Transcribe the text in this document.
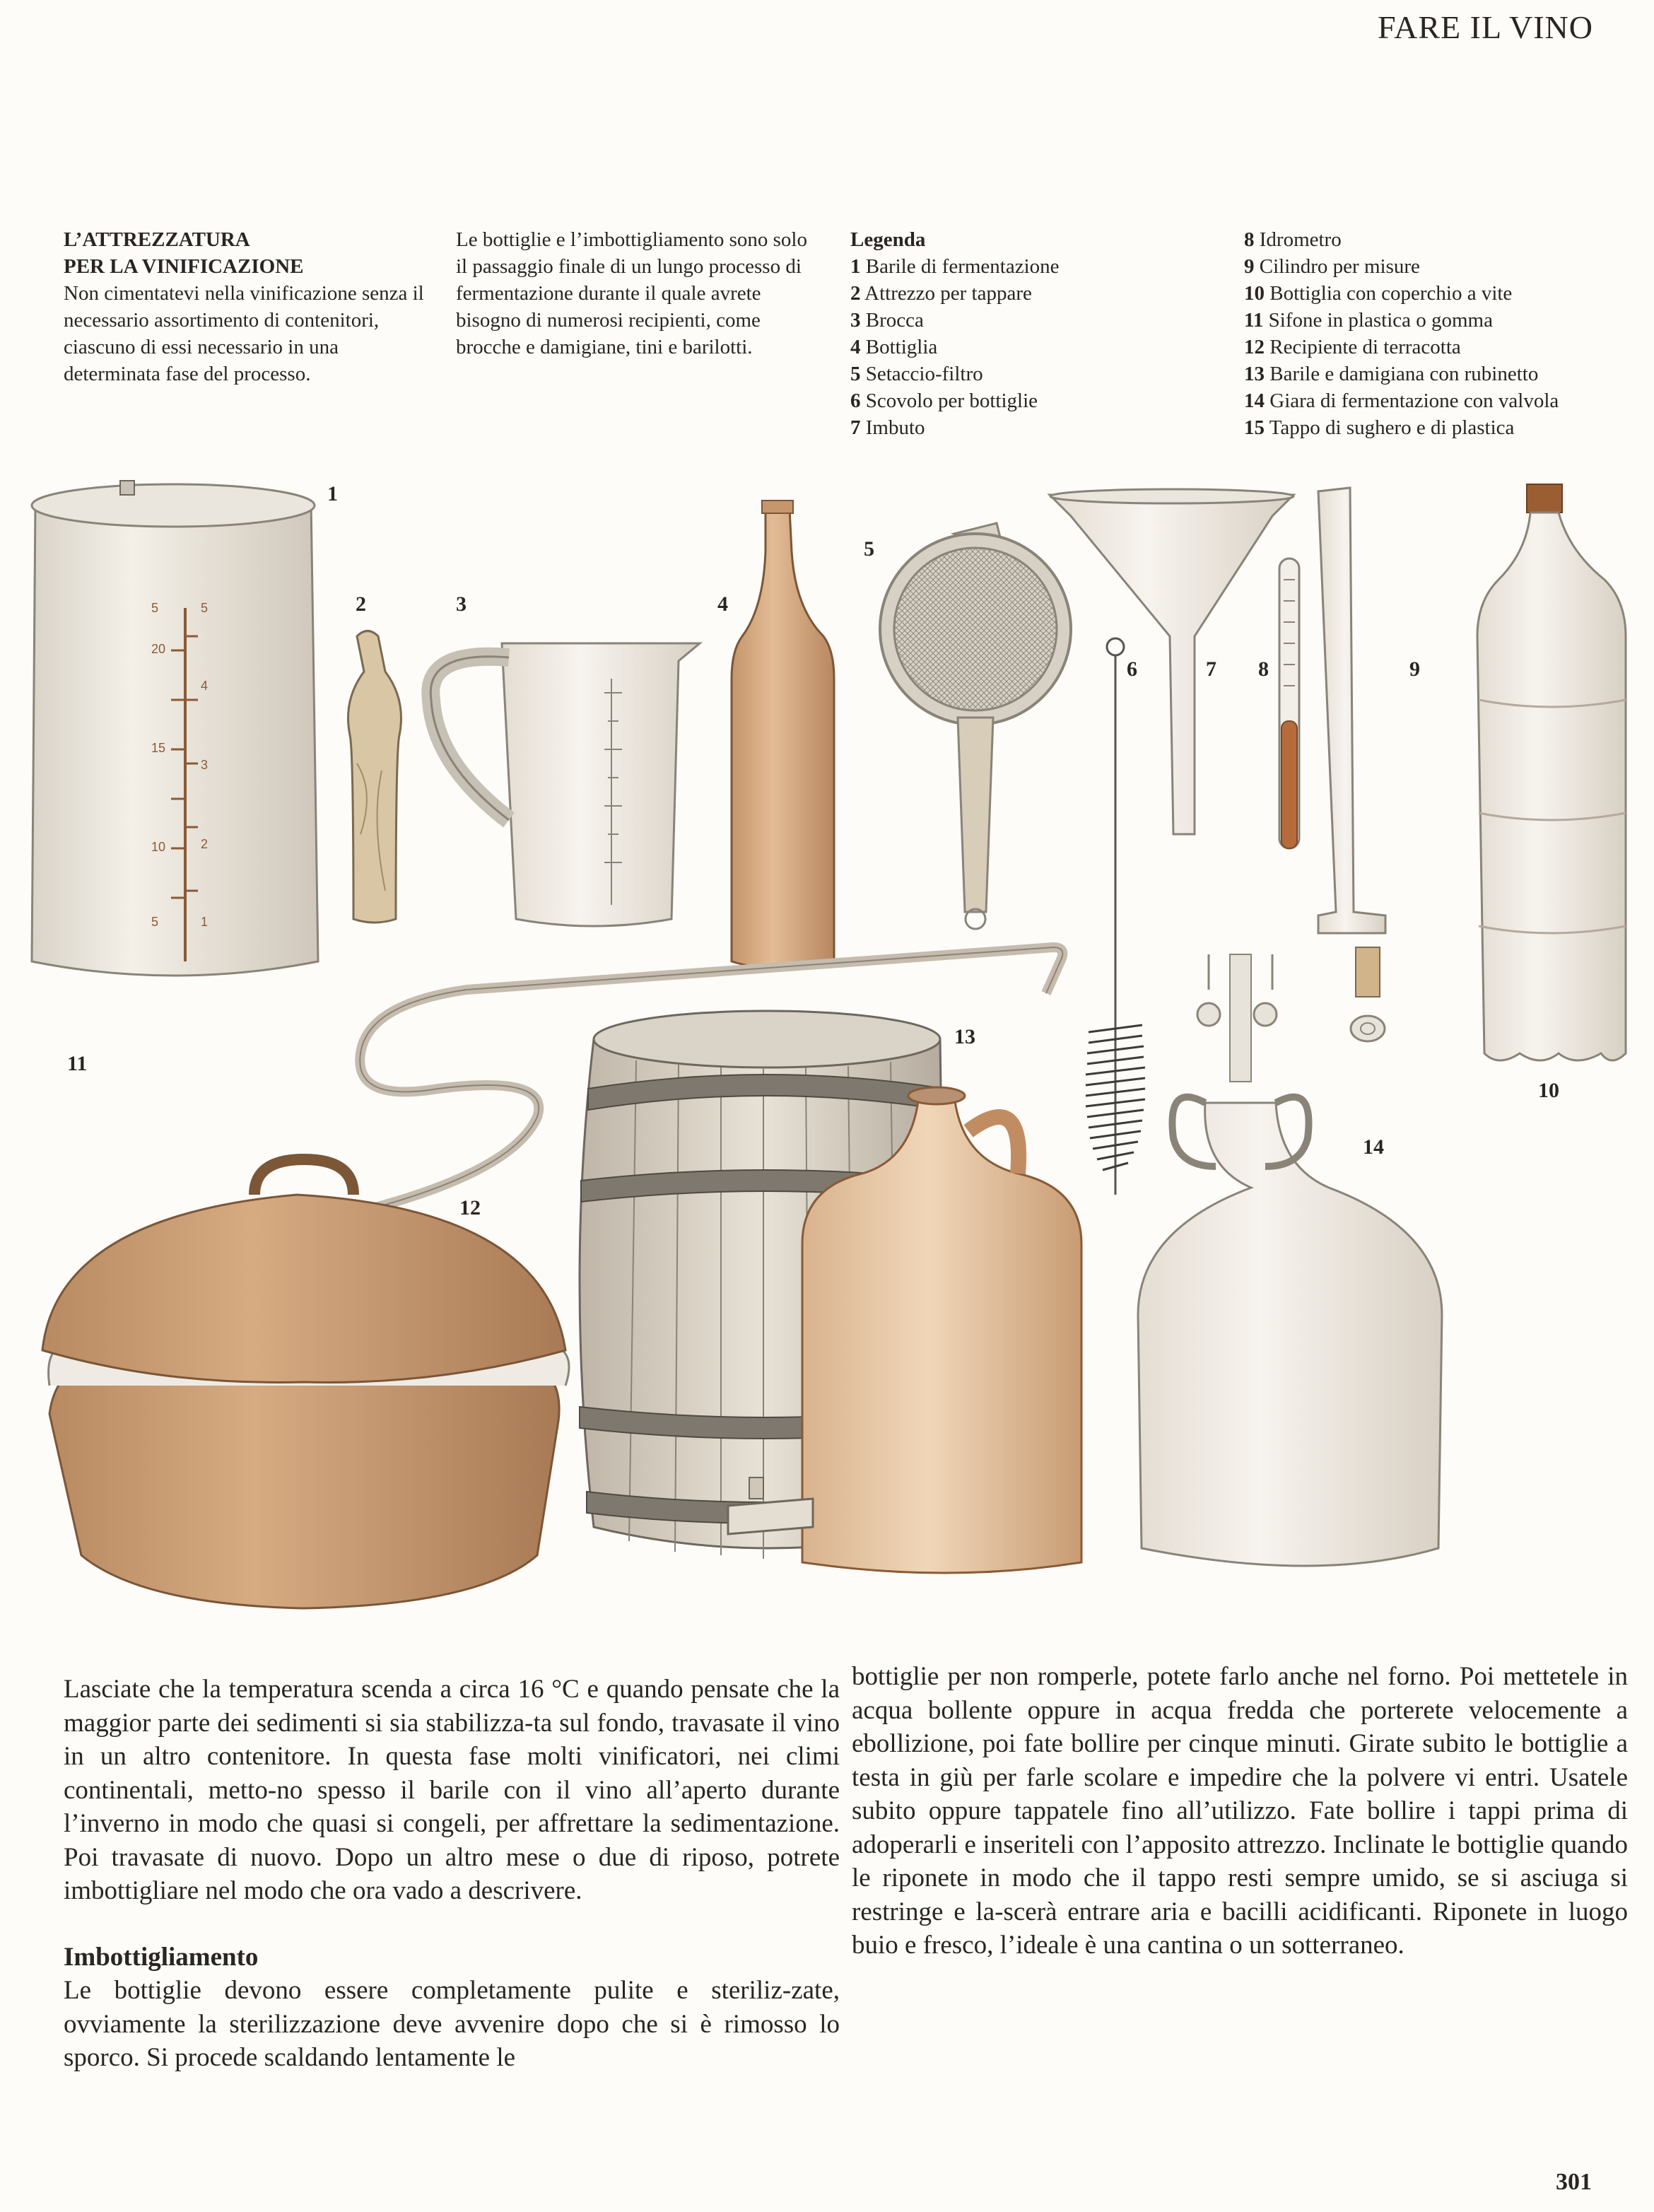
FARE IL VINO
L’ATTREZZATURA
PER LA VINIFICAZIONE
Non cimentatevi nella vinificazione senza il necessario assortimento di contenitori, ciascuno di essi necessario in una determinata fase del processo.
Le bottiglie e l’imbottigliamento sono solo il passaggio finale di un lungo processo di fermentazione durante il quale avrete bisogno di numerosi recipienti, come brocche e damigiane, tini e barilotti.
Legenda
1 Barile di fermentazione
2 Attrezzo per tappare
3 Brocca
4 Bottiglia
5 Setaccio-filtro
6 Scovolo per bottiglie
7 Imbuto
8 Idrometro
9 Cilindro per misure
10 Bottiglia con coperchio a vite
11 Sifone in plastica o gomma
12 Recipiente di terracotta
13 Barile e damigiana con rubinetto
14 Giara di fermentazione con valvola
15 Tappo di sughero e di plastica
5
20
15
10
5
5
4
3
2
1
1
2	3	4
5
6	7 8	9
10
11
12
13
14

Lasciate che la temperatura scenda a circa 16 °C e quando pensate che la maggior parte dei sedimenti si sia stabilizza-ta sul fondo, travasate il vino in un altro contenitore. In questa fase molti vinificatori, nei climi continentali, metto-no spesso il barile con il vino all’aperto durante l’inverno in modo che quasi si congeli, per affrettare la sedimentazione. Poi travasate di nuovo. Dopo un altro mese o due di riposo, potrete imbottigliare nel modo che ora vado a descrivere.

Imbottigliamento

Le bottiglie devono essere completamente pulite e steriliz-zate, ovviamente la sterilizzazione deve avvenire dopo che si è rimosso lo sporco. Si procede scaldando lentamente le

bottiglie per non romperle, potete farlo anche nel forno. Poi mettetele in acqua bollente oppure in acqua fredda che porterete velocemente a ebollizione, poi fate bollire per cinque minuti. Girate subito le bottiglie a testa in giù per farle scolare e impedire che la polvere vi entri. Usatele subito oppure tappatele fino all’utilizzo. Fate bollire i tappi prima di adoperarli e inseriteli con l’apposito attrezzo. Inclinate le bottiglie quando le riponete in modo che il tappo resti sempre umido, se si asciuga si restringe e la-scerà entrare aria e bacilli acidificanti. Riponete in luogo buio e fresco, l’ideale è una cantina o un sotterraneo.

301
